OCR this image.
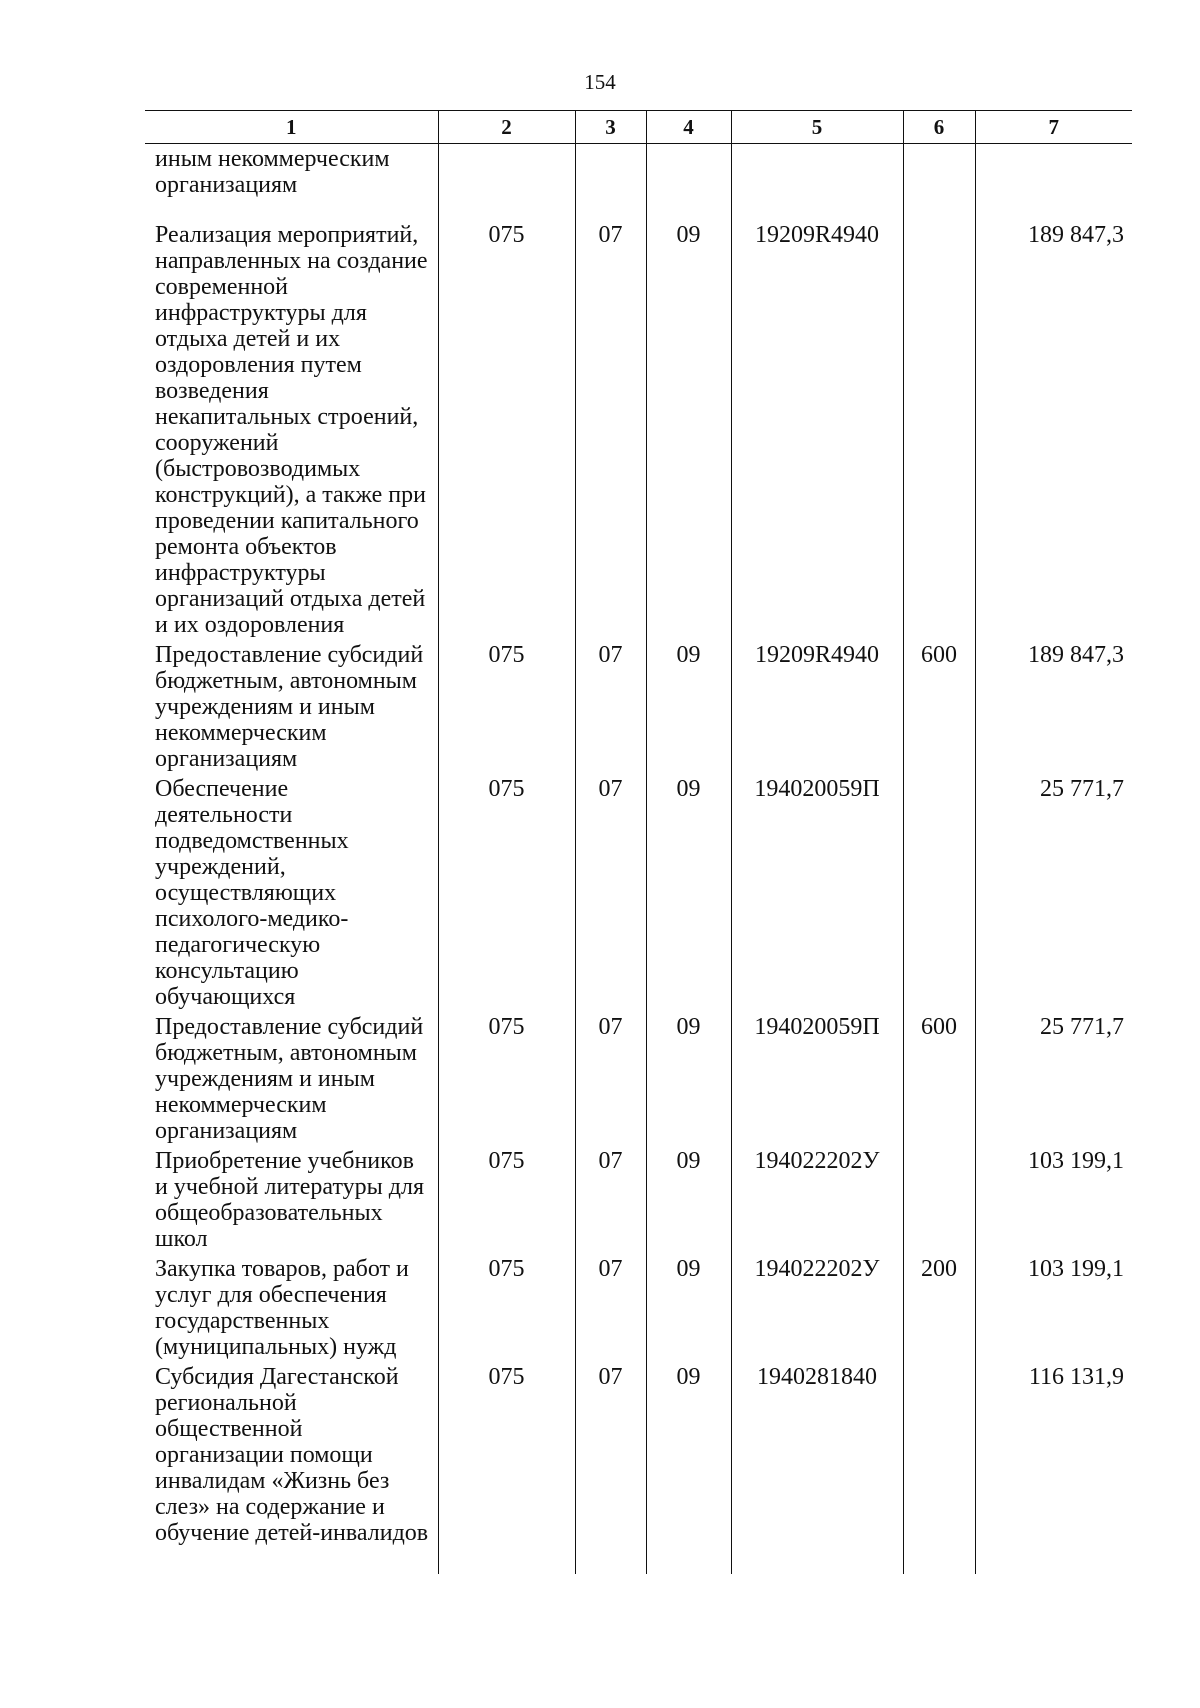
154
1	2	3	4	5	6	7
иным некоммерческим организациям						
Реализация мероприятий, направленных на создание современной инфраструктуры для отдыха детей и их оздоровления путем возведения некапитальных строений, сооружений (быстровозводимых конструкций), а также при проведении капитального ремонта объектов инфраструктуры организаций отдыха детей и их оздоровления	075	07	09	19209R4940		189 847,3
Предоставление субсидий бюджетным, автономным учреждениям и иным некоммерческим организациям	075	07	09	19209R4940	600	189 847,3
Обеспечение деятельности подведомственных учреждений, осуществляющих психолого-медико-педагогическую консультацию обучающихся	075	07	09	194020059П		25 771,7
Предоставление субсидий бюджетным, автономным учреждениям и иным некоммерческим организациям	075	07	09	194020059П	600	25 771,7
Приобретение учебников и учебной литературы для общеобразовательных школ	075	07	09	194022202У		103 199,1
Закупка товаров, работ и услуг для обеспечения государственных (муниципальных) нужд	075	07	09	194022202У	200	103 199,1
Субсидия Дагестанской региональной общественной организации помощи инвалидам «Жизнь без слез» на содержание и обучение детей-инвалидов	075	07	09	1940281840		116 131,9
